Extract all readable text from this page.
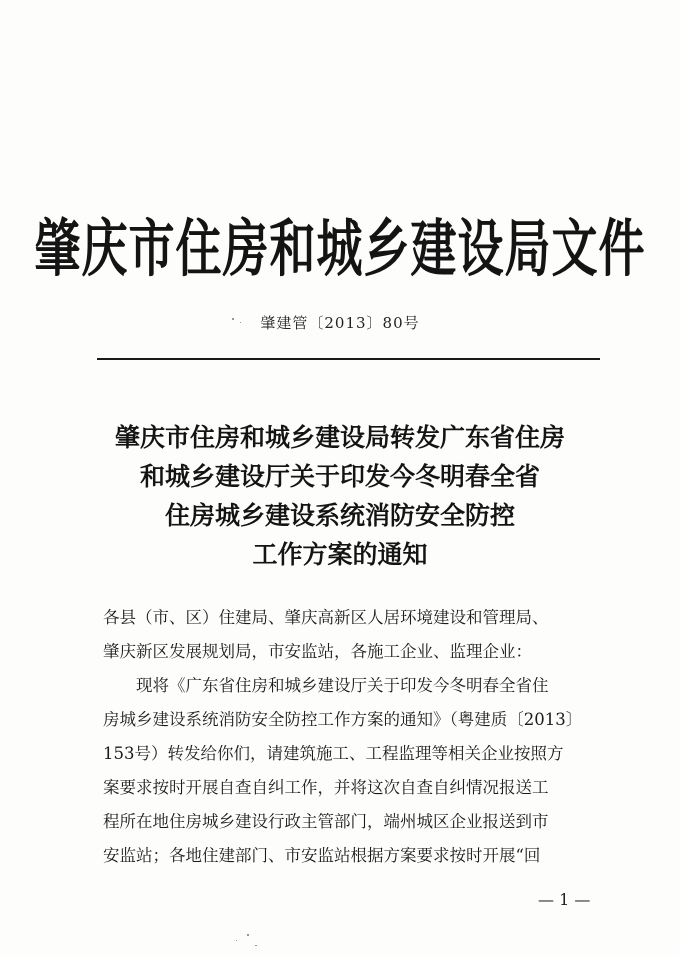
肇庆市住房和城乡建设局文件
肇建管〔2013〕80号
肇庆市住房和城乡建设局转发广东省住房
和城乡建设厅关于印发今冬明春全省
住房城乡建设系统消防安全防控
工作方案的通知
各县（市、区）住建局、肇庆高新区人居环境建设和管理局、
肇庆新区发展规划局，市安监站，各施工企业、监理企业：
现将《广东省住房和城乡建设厅关于印发今冬明春全省住
房城乡建设系统消防安全防控工作方案的通知》（粤建质〔2013〕
153号）转发给你们，请建筑施工、工程监理等相关企业按照方
案要求按时开展自查自纠工作，并将这次自查自纠情况报送工
程所在地住房城乡建设行政主管部门，端州城区企业报送到市
安监站；各地住建部门、市安监站根据方案要求按时开展“回
— 1 —
